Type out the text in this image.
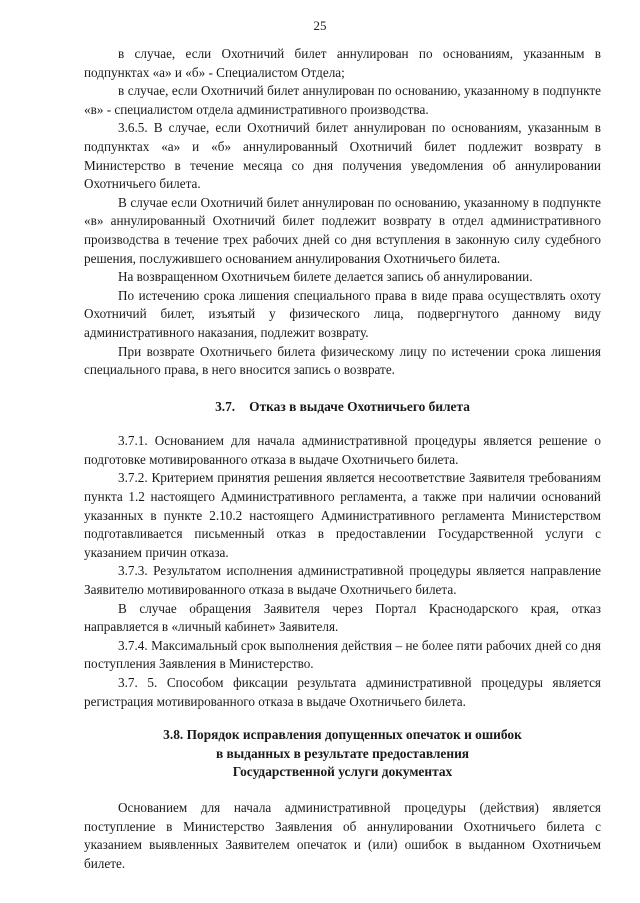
25

в случае, если Охотничий билет аннулирован по основаниям, указанным в подпунктах «а» и «б» - Специалистом Отдела;

в случае, если Охотничий билет аннулирован по основанию, указанному в подпункте «в» - специалистом отдела административного производства.

3.6.5. В случае, если Охотничий билет аннулирован по основаниям, указанным в подпунктах «а» и «б» аннулированный Охотничий билет подлежит возврату в Министерство в течение месяца со дня получения уведомления об аннулировании Охотничьего билета.

В случае если Охотничий билет аннулирован по основанию, указанному в подпункте «в» аннулированный Охотничий билет подлежит возврату в отдел административного производства в течение трех рабочих дней со дня вступления в законную силу судебного решения, послужившего основанием аннулирования Охотничьего билета.

На возвращенном Охотничьем билете делается запись об аннулировании.

По истечению срока лишения специального права в виде права осуществлять охоту Охотничий билет, изъятый у физического лица, подвергнутого данному виду административного наказания, подлежит возврату.

При возврате Охотничьего билета физическому лицу по истечении срока лишения специального права, в него вносится запись о возврате.

3.7. Отказ в выдаче Охотничьего билета

3.7.1. Основанием для начала административной процедуры является решение о подготовке мотивированного отказа в выдаче Охотничьего билета.

3.7.2. Критерием принятия решения является несоответствие Заявителя требованиям пункта 1.2 настоящего Административного регламента, а также при наличии оснований указанных в пункте 2.10.2 настоящего Административного регламента Министерством подготавливается письменный отказ в предоставлении Государственной услуги с указанием причин отказа.

3.7.3. Результатом исполнения административной процедуры является направление Заявителю мотивированного отказа в выдаче Охотничьего билета.

В случае обращения Заявителя через Портал Краснодарского края, отказ направляется в «личный кабинет» Заявителя.

3.7.4. Максимальный срок выполнения действия – не более пяти рабочих дней со дня поступления Заявления в Министерство.

3.7. 5. Способом фиксации результата административной процедуры является регистрация мотивированного отказа в выдаче Охотничьего билета.

3.8. Порядок исправления допущенных опечаток и ошибок
в выданных в результате предоставления
Государственной услуги документах

Основанием для начала административной процедуры (действия) является поступление в Министерство Заявления об аннулировании Охотничьего билета с указанием выявленных Заявителем опечаток и (или) ошибок в выданном Охотничьем билете.
